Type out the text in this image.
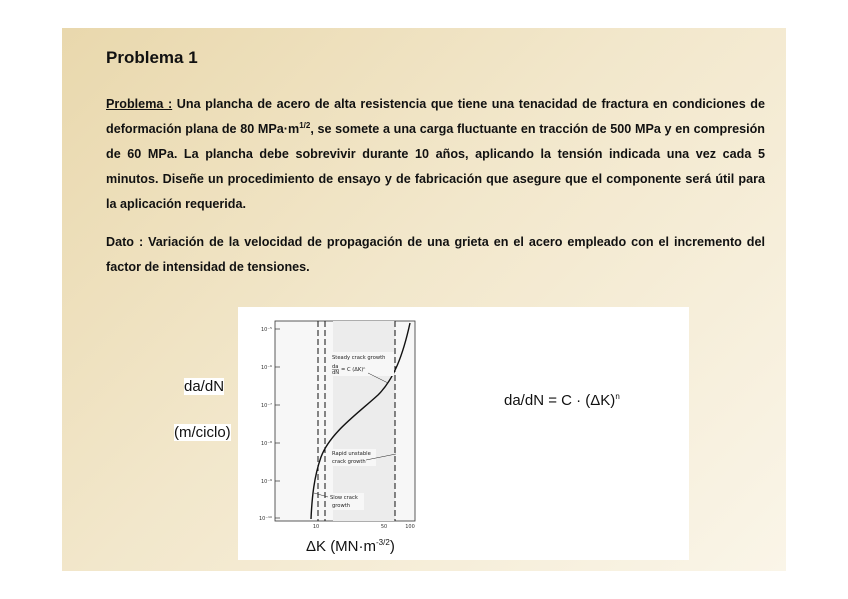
Problema 1

Problema : Una plancha de acero de alta resistencia que tiene una tenacidad de fractura en condiciones de deformación plana de 80 $MPa\cdot m^{1/2}$, se somete a una carga fluctuante en tracción de 500 MPa y en compresión de 60 MPa. La plancha debe sobrevivir durante 10 años, aplicando la tensión indicada una vez cada 5 minutos. Diseñe un procedimiento de ensayo y de fabricación que asegure que el componente será útil para la aplicación requerida.

Dato : Variación de la velocidad de propagación de una grieta en el acero empleado con el incremento del factor de intensidad de tensiones.

10⁻⁵
10⁻⁶
10⁻⁷
10⁻⁸
10⁻⁹
10⁻¹⁰
10	50	100
Steady crack growth
da
dN = C (ΔK)ⁿ
Rapid unstable
crack growth
Slow crack
growth
da/dN
(m/ciclo)
ΔK $(MN\cdot m^{-3/2})$
$da/dN = C \cdot (\Delta K)^n$
